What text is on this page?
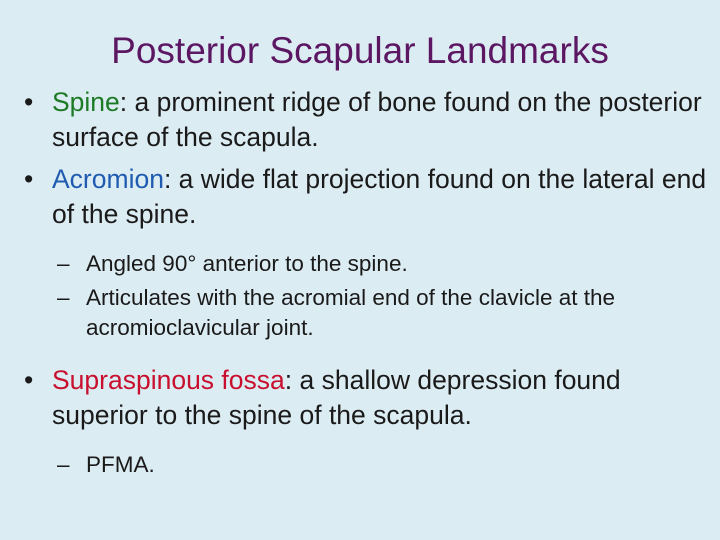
Posterior Scapular Landmarks
• Spine: a prominent ridge of bone found on the posterior surface of the scapula.
• Acromion: a wide flat projection found on the lateral end of the spine.
– Angled 90° anterior to the spine.
– Articulates with the acromial end of the clavicle at the acromioclavicular joint.
• Supraspinous fossa: a shallow depression found superior to the spine of the scapula.
– PFMA.
